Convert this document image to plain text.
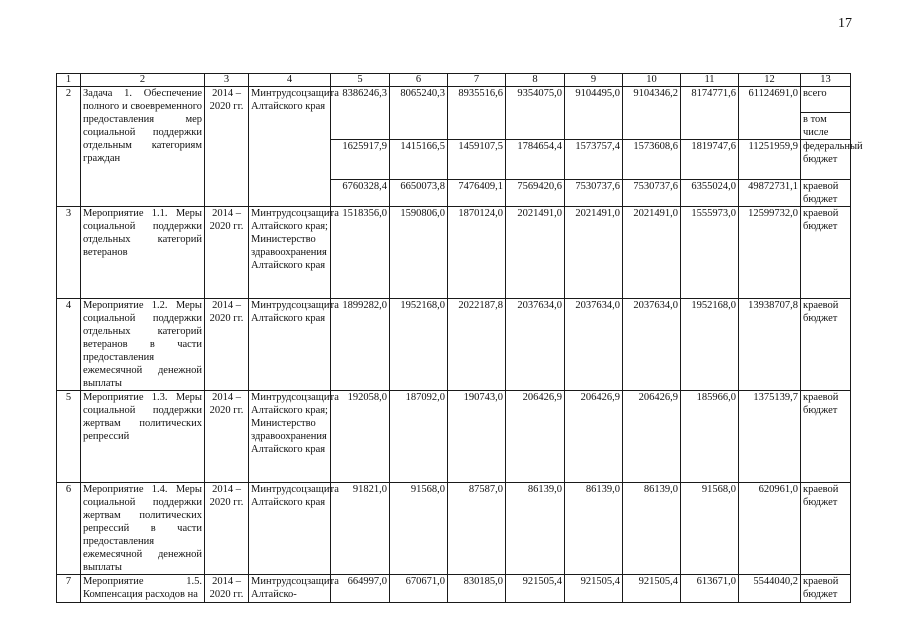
17
1	2	3	4	5	6	7	8	9	10	11	12	13
2	Задача 1. Обеспечение полного и своевременного предоставления мер социальной поддержки отдельным категориям граждан	2014 – 2020 гг.	Минтрудсоцзащита Алтайского края	8386246,3	8065240,3	8935516,6	9354075,0	9104495,0	9104346,2	8174771,6	61124691,0	всего
												в том числе
				1625917,9	1415166,5	1459107,5	1784654,4	1573757,4	1573608,6	1819747,6	11251959,9	федеральный бюджет
				6760328,4	6650073,8	7476409,1	7569420,6	7530737,6	7530737,6	6355024,0	49872731,1	краевой бюджет
3	Мероприятие 1.1. Меры социальной поддержки отдельных категорий ветеранов	2014 – 2020 гг.	Минтрудсоцзащита Алтайского края; Министерство здравоохранения Алтайского края	1518356,0	1590806,0	1870124,0	2021491,0	2021491,0	2021491,0	1555973,0	12599732,0	краевой бюджет
4	Мероприятие 1.2. Меры социальной поддержки отдельных категорий ветеранов в части предоставления ежемесячной денежной выплаты	2014 – 2020 гг.	Минтрудсоцзащита Алтайского края	1899282,0	1952168,0	2022187,8	2037634,0	2037634,0	2037634,0	1952168,0	13938707,8	краевой бюджет
5	Мероприятие 1.3. Меры социальной поддержки жертвам политических репрессий	2014 – 2020 гг.	Минтрудсоцзащита Алтайского края; Министерство здравоохранения Алтайского края	192058,0	187092,0	190743,0	206426,9	206426,9	206426,9	185966,0	1375139,7	краевой бюджет
6	Мероприятие 1.4. Меры социальной поддержки жертвам политических репрессий в части предоставления ежемесячной денежной выплаты	2014 – 2020 гг.	Минтрудсоцзащита Алтайского края	91821,0	91568,0	87587,0	86139,0	86139,0	86139,0	91568,0	620961,0	краевой бюджет
7	Мероприятие 1.5. Компенсация расходов на	2014 – 2020 гг.	Минтрудсоцзащита Алтайско-	664997,0	670671,0	830185,0	921505,4	921505,4	921505,4	613671,0	5544040,2	краевой бюджет
